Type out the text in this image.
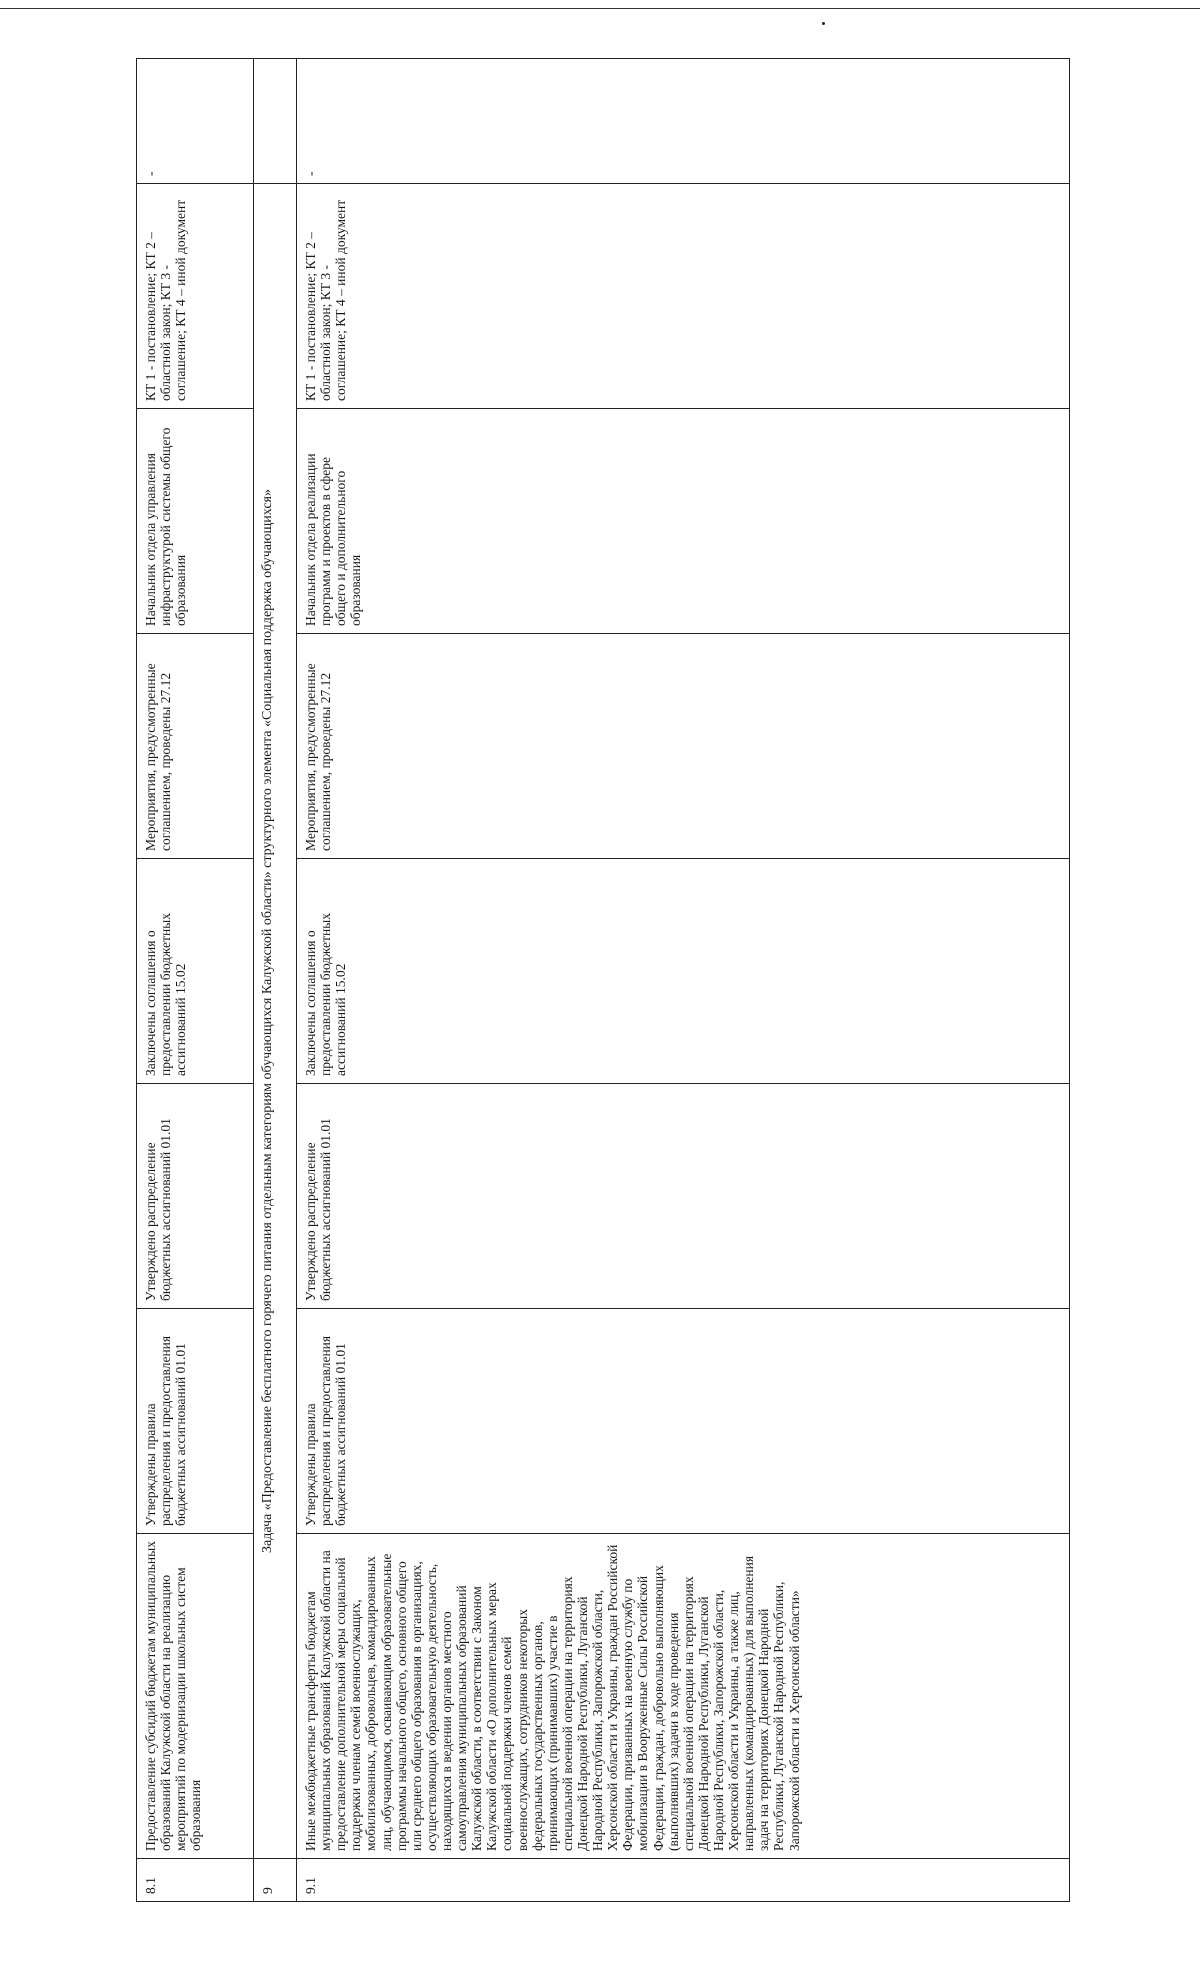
8.1	Предоставление субсидий бюджетам муниципальных образований Калужской области на реализацию мероприятий по модернизации школьных систем образования	Утверждены правила распределения и предоставления бюджетных ассигнований 01.01	Утверждено распределение бюджетных ассигнований 01.01	Заключены соглашения о предоставлении бюджетных ассигнований 15.02	Мероприятия, предусмотренные соглашением, проведены 27.12	Начальник отдела управления инфраструктурой системы общего образования	КТ 1 - постановление; КТ 2 – областной закон; КТ 3 - соглашение; КТ 4 – иной документ	-
9	Задача «Предоставление бесплатного горячего питания отдельным категориям обучающихся Калужской области» структурного элемента «Социальная поддержка обучающихся»							
9.1	Иные межбюджетные трансферты бюджетам муниципальных образований Калужской области на предоставление дополнительной меры социальной поддержки членам семей военнослужащих, мобилизованных, добровольцев, командированных лиц, обучающимся, осваивающим образовательные программы начального общего, основного общего или среднего общего образования в организациях, осуществляющих образовательную деятельность, находящихся в ведении органов местного самоуправления муниципальных образований Калужской области, в соответствии с Законом Калужской области «О дополнительных мерах социальной поддержки членов семей военнослужащих, сотрудников некоторых федеральных государственных органов, принимающих (принимавших) участие в специальной военной операции на территориях Донецкой Народной Республики, Луганской Народной Республики, Запорожской области, Херсонской области и Украины, граждан Российской Федерации, призванных на военную службу по мобилизации в Вооруженные Силы Российской Федерации, граждан, добровольно выполняющих (выполнявших) задачи в ходе проведения специальной военной операции на территориях Донецкой Народной Республики, Луганской Народной Республики, Запорожской области, Херсонской области и Украины, а также лиц, направленных (командированных) для выполнения задач на территориях Донецкой Народной Республики, Луганской Народной Республики, Запорожской области и Херсонской области»	Утверждены правила распределения и предоставления бюджетных ассигнований 01.01	Утверждено распределение бюджетных ассигнований 01.01	Заключены соглашения о предоставлении бюджетных ассигнований 15.02	Мероприятия, предусмотренные соглашением, проведены 27.12	Начальник отдела реализации программ и проектов в сфере общего и дополнительного образования	КТ 1 - постановление; КТ 2 – областной закон; КТ 3 - соглашение; КТ 4 – иной документ	-
